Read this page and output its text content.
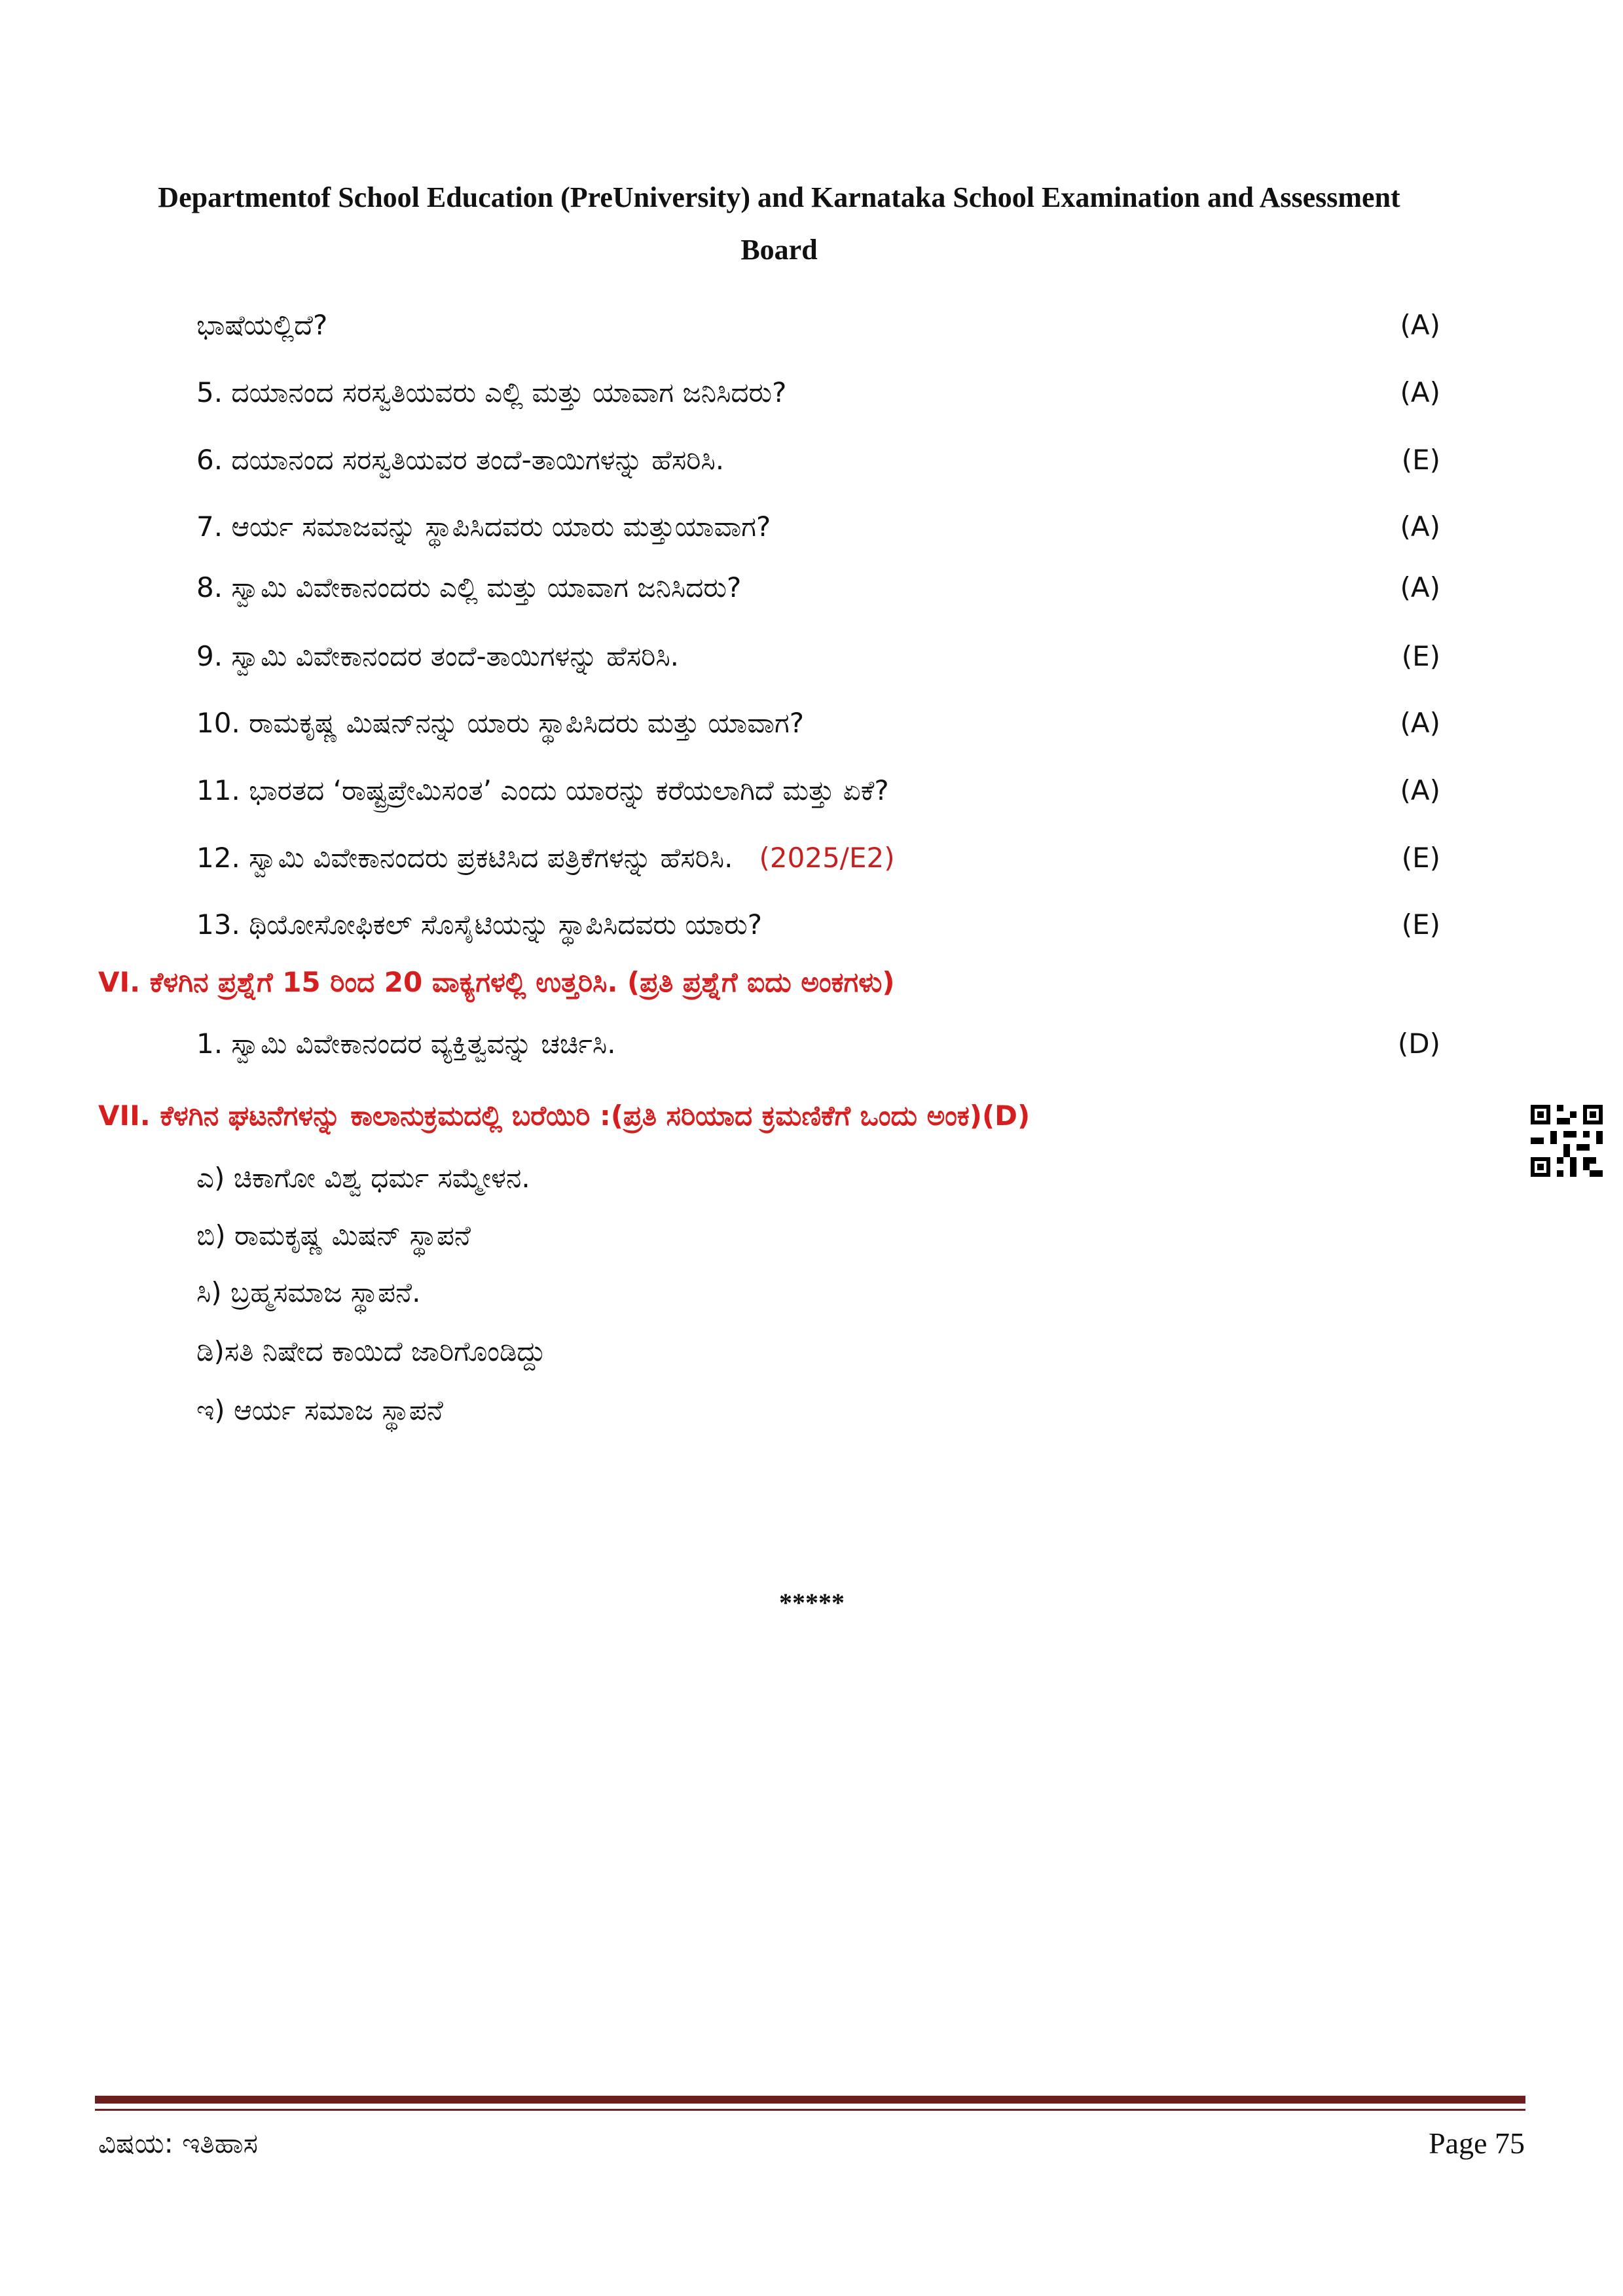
Departmentof School Education (PreUniversity) and Karnataka School Examination and Assessment
Board
ಭಾಷೆಯಲ್ಲಿದೆ?	(A)
5. ದಯಾನಂದ ಸರಸ್ವತಿಯವರು ಎಲ್ಲಿ ಮತ್ತು ಯಾವಾಗ ಜನಿಸಿದರು?	(A)
6. ದಯಾನಂದ ಸರಸ್ವತಿಯವರ ತಂದೆ-ತಾಯಿಗಳನ್ನು ಹೆಸರಿಸಿ.	(E)
7. ಆರ್ಯ ಸಮಾಜವನ್ನು ಸ್ಥಾಪಿಸಿದವರು ಯಾರು ಮತ್ತುಯಾವಾಗ?	(A)
8. ಸ್ವಾಮಿ ವಿವೇಕಾನಂದರು ಎಲ್ಲಿ ಮತ್ತು ಯಾವಾಗ ಜನಿಸಿದರು?	(A)
9. ಸ್ವಾಮಿ ವಿವೇಕಾನಂದರ ತಂದೆ-ತಾಯಿಗಳನ್ನು ಹೆಸರಿಸಿ.	(E)
10. ರಾಮಕೃಷ್ಣ ಮಿಷನ್‌ನನ್ನು ಯಾರು ಸ್ಥಾಪಿಸಿದರು ಮತ್ತು ಯಾವಾಗ?	(A)
11. ಭಾರತದ ‘ರಾಷ್ಟ್ರಪ್ರೇಮಿಸಂತ’ ಎಂದು ಯಾರನ್ನು ಕರೆಯಲಾಗಿದೆ ಮತ್ತು ಏಕೆ?	(A)
12. ಸ್ವಾಮಿ ವಿವೇಕಾನಂದರು ಪ್ರಕಟಿಸಿದ ಪತ್ರಿಕೆಗಳನ್ನು ಹೆಸರಿಸಿ. (2025/E2)	(E)
13. ಥಿಯೋಸೋಫಿಕಲ್ ಸೊಸೈಟಿಯನ್ನು ಸ್ಥಾಪಿಸಿದವರು ಯಾರು?	(E)
VI. ಕೆಳಗಿನ ಪ್ರಶ್ನೆಗೆ 15 ರಿಂದ 20 ವಾಕ್ಯಗಳಲ್ಲಿ ಉತ್ತರಿಸಿ. (ಪ್ರತಿ ಪ್ರಶ್ನೆಗೆ ಐದು ಅಂಕಗಳು)
1. ಸ್ವಾಮಿ ವಿವೇಕಾನಂದರ ವ್ಯಕ್ತಿತ್ವವನ್ನು ಚರ್ಚಿಸಿ.	(D)
VII. ಕೆಳಗಿನ ಘಟನೆಗಳನ್ನು ಕಾಲಾನುಕ್ರಮದಲ್ಲಿ ಬರೆಯಿರಿ :(ಪ್ರತಿ ಸರಿಯಾದ ಕ್ರಮಣಿಕೆಗೆ ಒಂದು ಅಂಕ)(D)
ಎ) ಚಿಕಾಗೋ ವಿಶ್ವ ಧರ್ಮ ಸಮ್ಮೇಳನ.
ಬಿ) ರಾಮಕೃಷ್ಣ ಮಿಷನ್ ಸ್ಥಾಪನೆ
ಸಿ) ಬ್ರಹ್ಮಸಮಾಜ ಸ್ಥಾಪನೆ.
ಡಿ)ಸತಿ ನಿಷೇದ ಕಾಯಿದೆ ಜಾರಿಗೊಂಡಿದ್ದು
ಇ) ಆರ್ಯ ಸಮಾಜ ಸ್ಥಾಪನೆ
*****
ವಿಷಯ: ಇತಿಹಾಸ	Page 75
